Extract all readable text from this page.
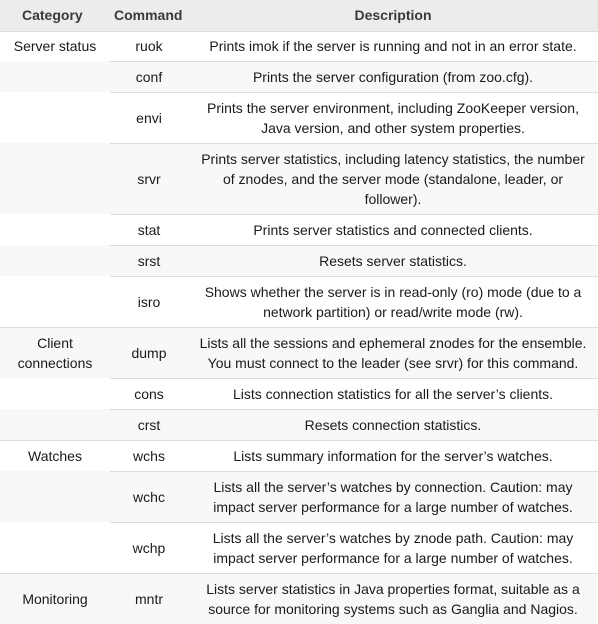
Category	Command	Description
Server status	ruok	Prints imok if the server is running and not in an error state.
	conf	Prints the server configuration (from zoo.cfg).
	envi	Prints the server environment, including ZooKeeper version, Java version, and other system properties.
	srvr	Prints server statistics, including latency statistics, the number of znodes, and the server mode (standalone, leader, or follower).
	stat	Prints server statistics and connected clients.
	srst	Resets server statistics.
	isro	Shows whether the server is in read-only (ro) mode (due to a network partition) or read/write mode (rw).
Client connections	dump	Lists all the sessions and ephemeral znodes for the ensemble. You must connect to the leader (see srvr) for this command.
	cons	Lists connection statistics for all the server’s clients.
	crst	Resets connection statistics.
Watches	wchs	Lists summary information for the server’s watches.
	wchc	Lists all the server’s watches by connection. Caution: may impact server performance for a large number of watches.
	wchp	Lists all the server’s watches by znode path. Caution: may impact server performance for a large number of watches.
Monitoring	mntr	Lists server statistics in Java properties format, suitable as a source for monitoring systems such as Ganglia and Nagios.
